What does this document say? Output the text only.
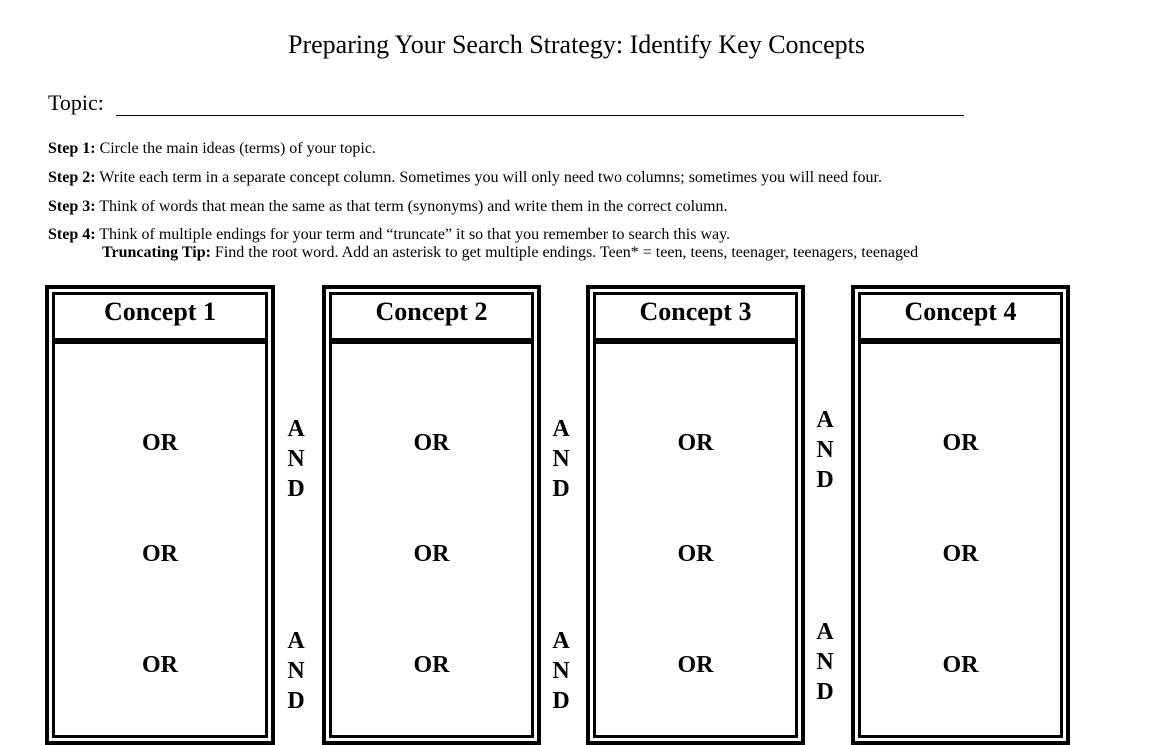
Preparing Your Search Strategy: Identify Key Concepts
Topic:
Step 1: Circle the main ideas (terms) of your topic.
Step 2: Write each term in a separate concept column. Sometimes you will only need two columns; sometimes you will need four.
Step 3: Think of words that mean the same as that term (synonyms) and write them in the correct column.
Step 4: Think of multiple endings for your term and “truncate” it so that you remember to search this way.
Truncating Tip: Find the root word. Add an asterisk to get multiple endings. Teen* = teen, teens, teenager, teenagers, teenaged
Concept 1
OR
OR
OR
Concept 2
OR
OR
OR
Concept 3
OR
OR
OR
Concept 4
OR
OR
OR
A
N
D
A
N
D
A
N
D
A
N
D
A
N
D
A
N
D
